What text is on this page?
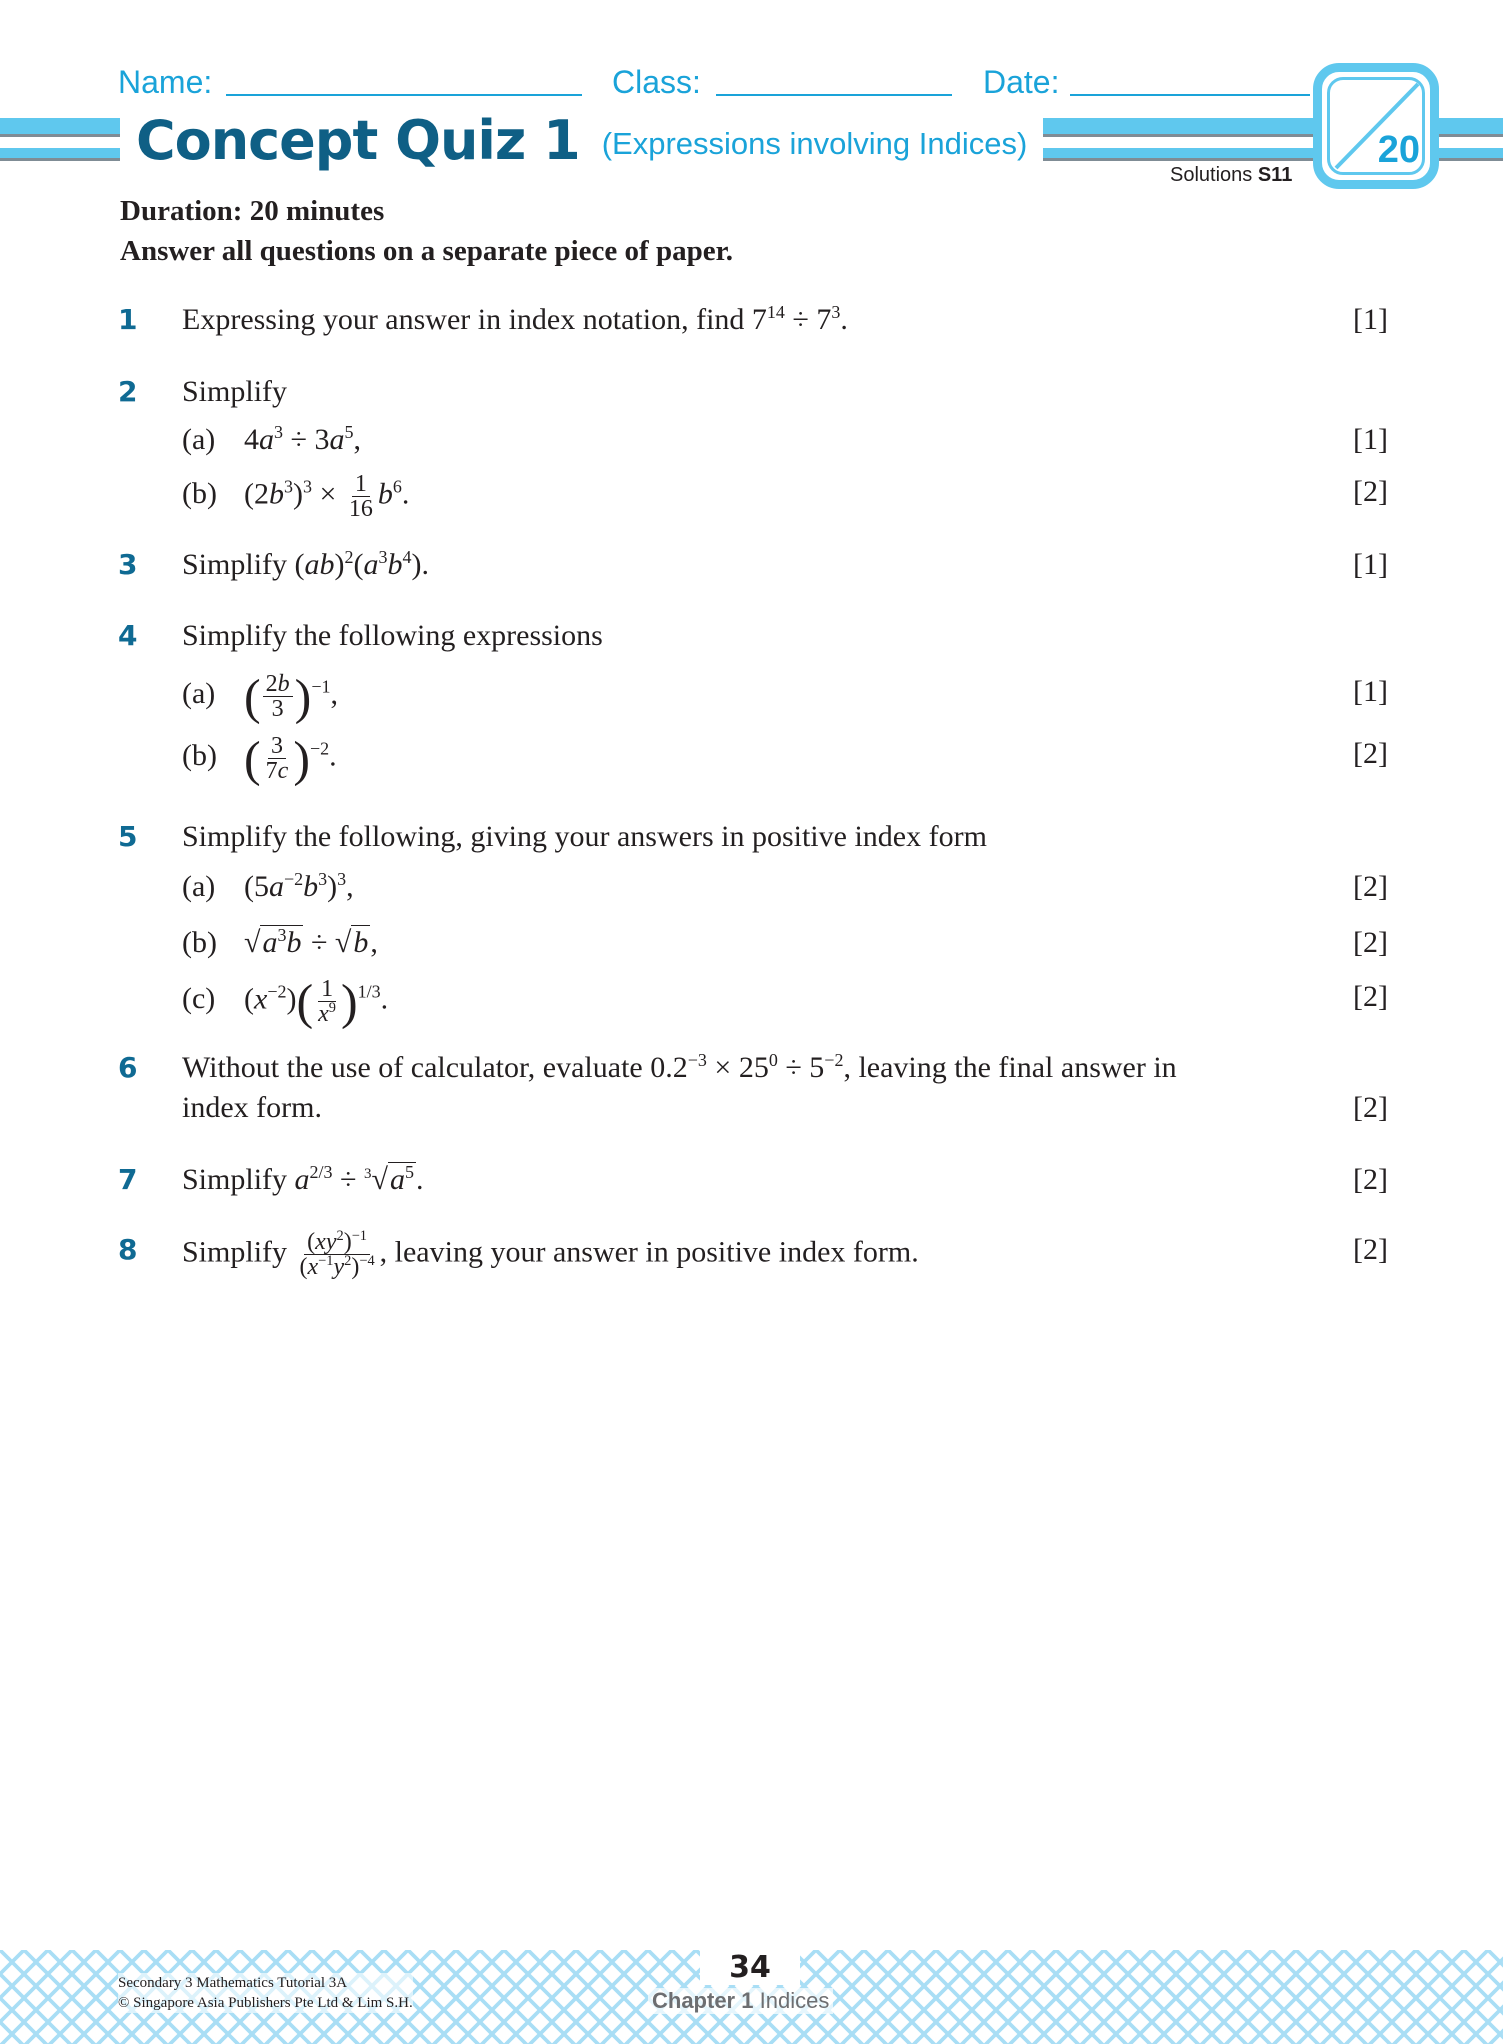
Name:	Class:	Date:
Concept Quiz 1 (Expressions involving Indices)
Solutions S11
20
Duration: 20 minutes
Answer all questions on a separate piece of paper.
1 Expressing your answer in index notation, find $7^{14} \div 7^3$.	[1]
2 Simplify
(a) $4a^3 \div 3a^5$,	[1]
(b) $(2b^3)^3 \times \frac{1}{16} b^6$.	[2]
3 Simplify $(ab)^2(a^3b^4)$.	[1]
4 Simplify the following expressions
(a) ( $\frac{2b}{3} )^{-1}$,	[1]
(b) ( $\frac{3}{7c} )^{-2}$.	[2]
5 Simplify the following, giving your answers in positive index form
(a) $(5a^{-2}b^3)^3$,	[2]
(b) $√a^3b \div √b$,	[2]
(c) $(x^{-2})( \frac{1}{x^9} )^{1/3}$.	[2]
6 Without the use of calculator, evaluate $0.2^{-3} \times 25^0 \div 5^{-2}$, leaving the final answer in
index form.	[2]
7 Simplify $a^{2/3} \div ^3√a^5$.	[2]
8 Simplify $\frac{(xy^2)^{-1}}{(x^{-1}y^2)^{-4}}$ , leaving your answer in positive index form.	[2]
Secondary 3 Mathematics Tutorial 3A
© Singapore Asia Publishers Pte Ltd & Lim S.H.
34
Chapter 1 Indices
